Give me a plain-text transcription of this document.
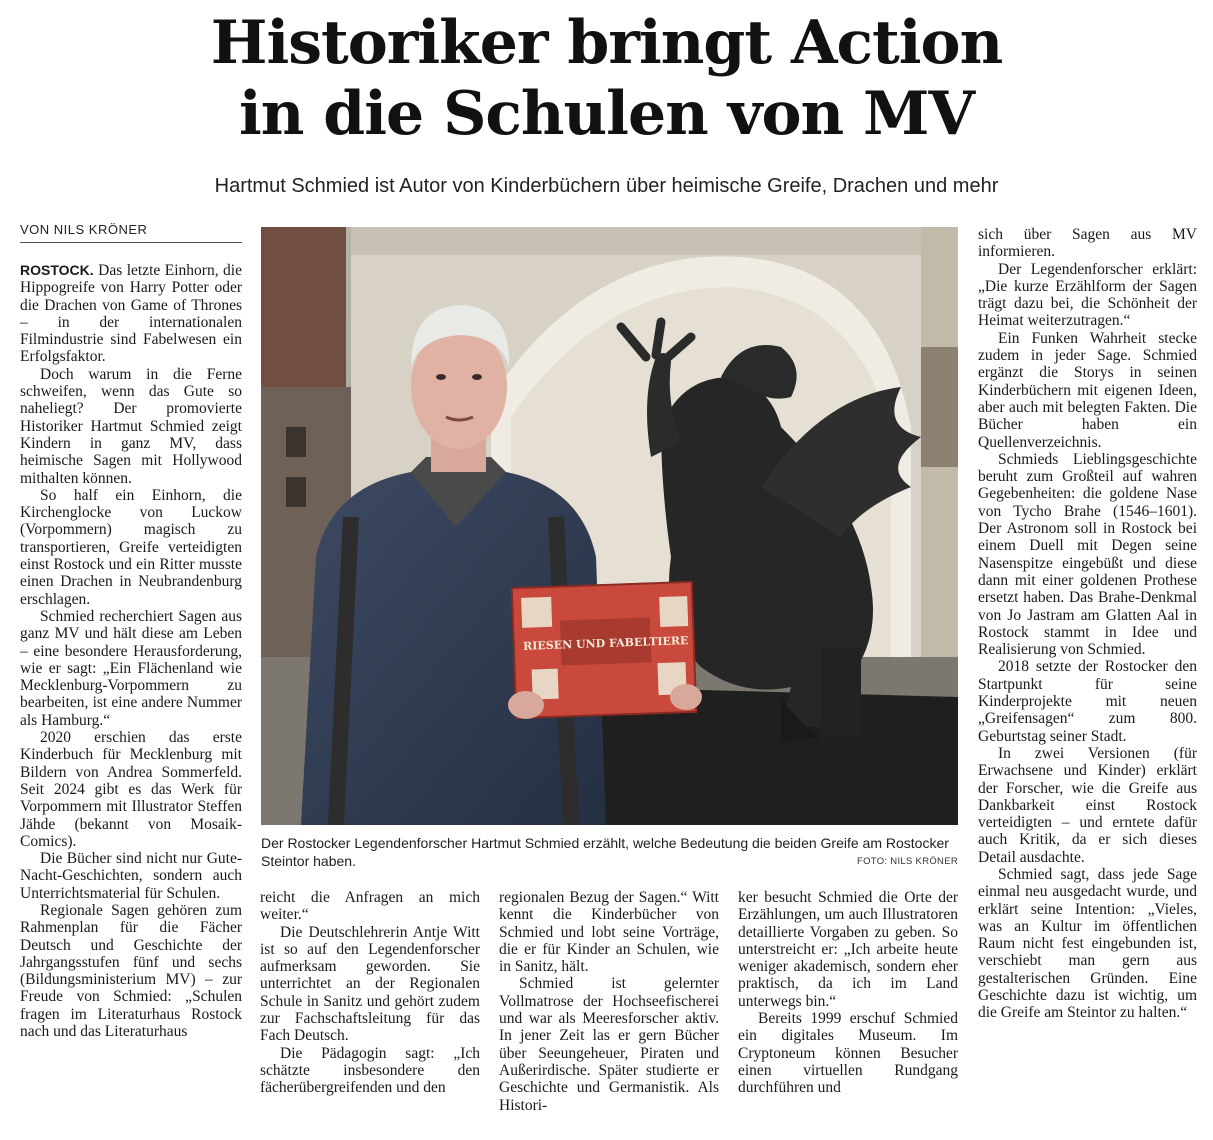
Historiker bringt Action
in die Schulen von MV
Hartmut Schmied ist Autor von Kinderbüchern über heimische Greife, Drachen und mehr
VON NILS KRÖNER

ROSTOCK. Das letzte Einhorn, die Hippogreife von Harry Potter oder die Drachen von Game of Thrones – in der internationalen Filmindustrie sind Fabelwesen ein Erfolgsfaktor.

Doch warum in die Ferne schweifen, wenn das Gute so naheliegt? Der promovierte Historiker Hartmut Schmied zeigt Kindern in ganz MV, dass heimische Sagen mit Hollywood mithalten können.

So half ein Einhorn, die Kirchenglocke von Luckow (Vorpommern) magisch zu transportieren, Greife verteidigten einst Rostock und ein Ritter musste einen Drachen in Neubrandenburg erschlagen.

Schmied recherchiert Sagen aus ganz MV und hält diese am Leben – eine besondere Herausforderung, wie er sagt: „Ein Flächenland wie Mecklenburg-Vorpommern zu bearbeiten, ist eine andere Nummer als Hamburg.“

2020 erschien das erste Kinderbuch für Mecklenburg mit Bildern von Andrea Sommerfeld. Seit 2024 gibt es das Werk für Vorpommern mit Illustrator Steffen Jähde (bekannt von Mosaik-Comics).

Die Bücher sind nicht nur Gute-Nacht-Geschichten, sondern auch Unterrichtsmaterial für Schulen.

Regionale Sagen gehören zum Rahmenplan für die Fächer Deutsch und Geschichte der Jahrgangsstufen fünf und sechs (Bildungsministerium MV) – zur Freude von Schmied: „Schulen fragen im Literaturhaus Rostock nach und das Literaturhaus

RIESEN UND FABELTIERE
Der Rostocker Legendenforscher Hartmut Schmied erzählt, welche Bedeutung die beiden Greife am Rostocker Steintor haben.	FOTO: NILS KRÖNER

reicht die Anfragen an mich weiter.“

Die Deutschlehrerin Antje Witt ist so auf den Legendenforscher aufmerksam geworden. Sie unterrichtet an der Regionalen Schule in Sanitz und gehört zudem zur Fachschaftsleitung für das Fach Deutsch.

Die Pädagogin sagt: „Ich schätzte insbesondere den fächerübergreifenden und den

regionalen Bezug der Sagen.“ Witt kennt die Kinderbücher von Schmied und lobt seine Vorträge, die er für Kinder an Schulen, wie in Sanitz, hält.

Schmied ist gelernter Vollmatrose der Hochseefischerei und war als Meeresforscher aktiv. In jener Zeit las er gern Bücher über Seeungeheuer, Piraten und Außerirdische. Später studierte er Geschichte und Germanistik. Als Histori-

ker besucht Schmied die Orte der Erzählungen, um auch Illustratoren detaillierte Vorgaben zu geben. So unterstreicht er: „Ich arbeite heute weniger akademisch, sondern eher praktisch, da ich im Land unterwegs bin.“

Bereits 1999 erschuf Schmied ein digitales Museum. Im Cryptoneum können Besucher einen virtuellen Rundgang durchführen und

sich über Sagen aus MV informieren.

Der Legendenforscher erklärt: „Die kurze Erzählform der Sagen trägt dazu bei, die Schönheit der Heimat weiterzutragen.“

Ein Funken Wahrheit stecke zudem in jeder Sage. Schmied ergänzt die Storys in seinen Kinderbüchern mit eigenen Ideen, aber auch mit belegten Fakten. Die Bücher haben ein Quellenverzeichnis.

Schmieds Lieblingsgeschichte beruht zum Großteil auf wahren Gegebenheiten: die goldene Nase von Tycho Brahe (1546–1601). Der Astronom soll in Rostock bei einem Duell mit Degen seine Nasenspitze eingebüßt und diese dann mit einer goldenen Prothese ersetzt haben. Das Brahe-Denkmal von Jo Jastram am Glatten Aal in Rostock stammt in Idee und Realisierung von Schmied.

2018 setzte der Rostocker den Startpunkt für seine Kinderprojekte mit neuen „Greifensagen“ zum 800. Geburtstag seiner Stadt.

In zwei Versionen (für Erwachsene und Kinder) erklärt der Forscher, wie die Greife aus Dankbarkeit einst Rostock verteidigten – und erntete dafür auch Kritik, da er sich dieses Detail ausdachte.

Schmied sagt, dass jede Sage einmal neu ausgedacht wurde, und erklärt seine Intention: „Vieles, was an Kultur im öffentlichen Raum nicht fest eingebunden ist, verschiebt man gern aus gestalterischen Gründen. Eine Geschichte dazu ist wichtig, um die Greife am Steintor zu halten.“
